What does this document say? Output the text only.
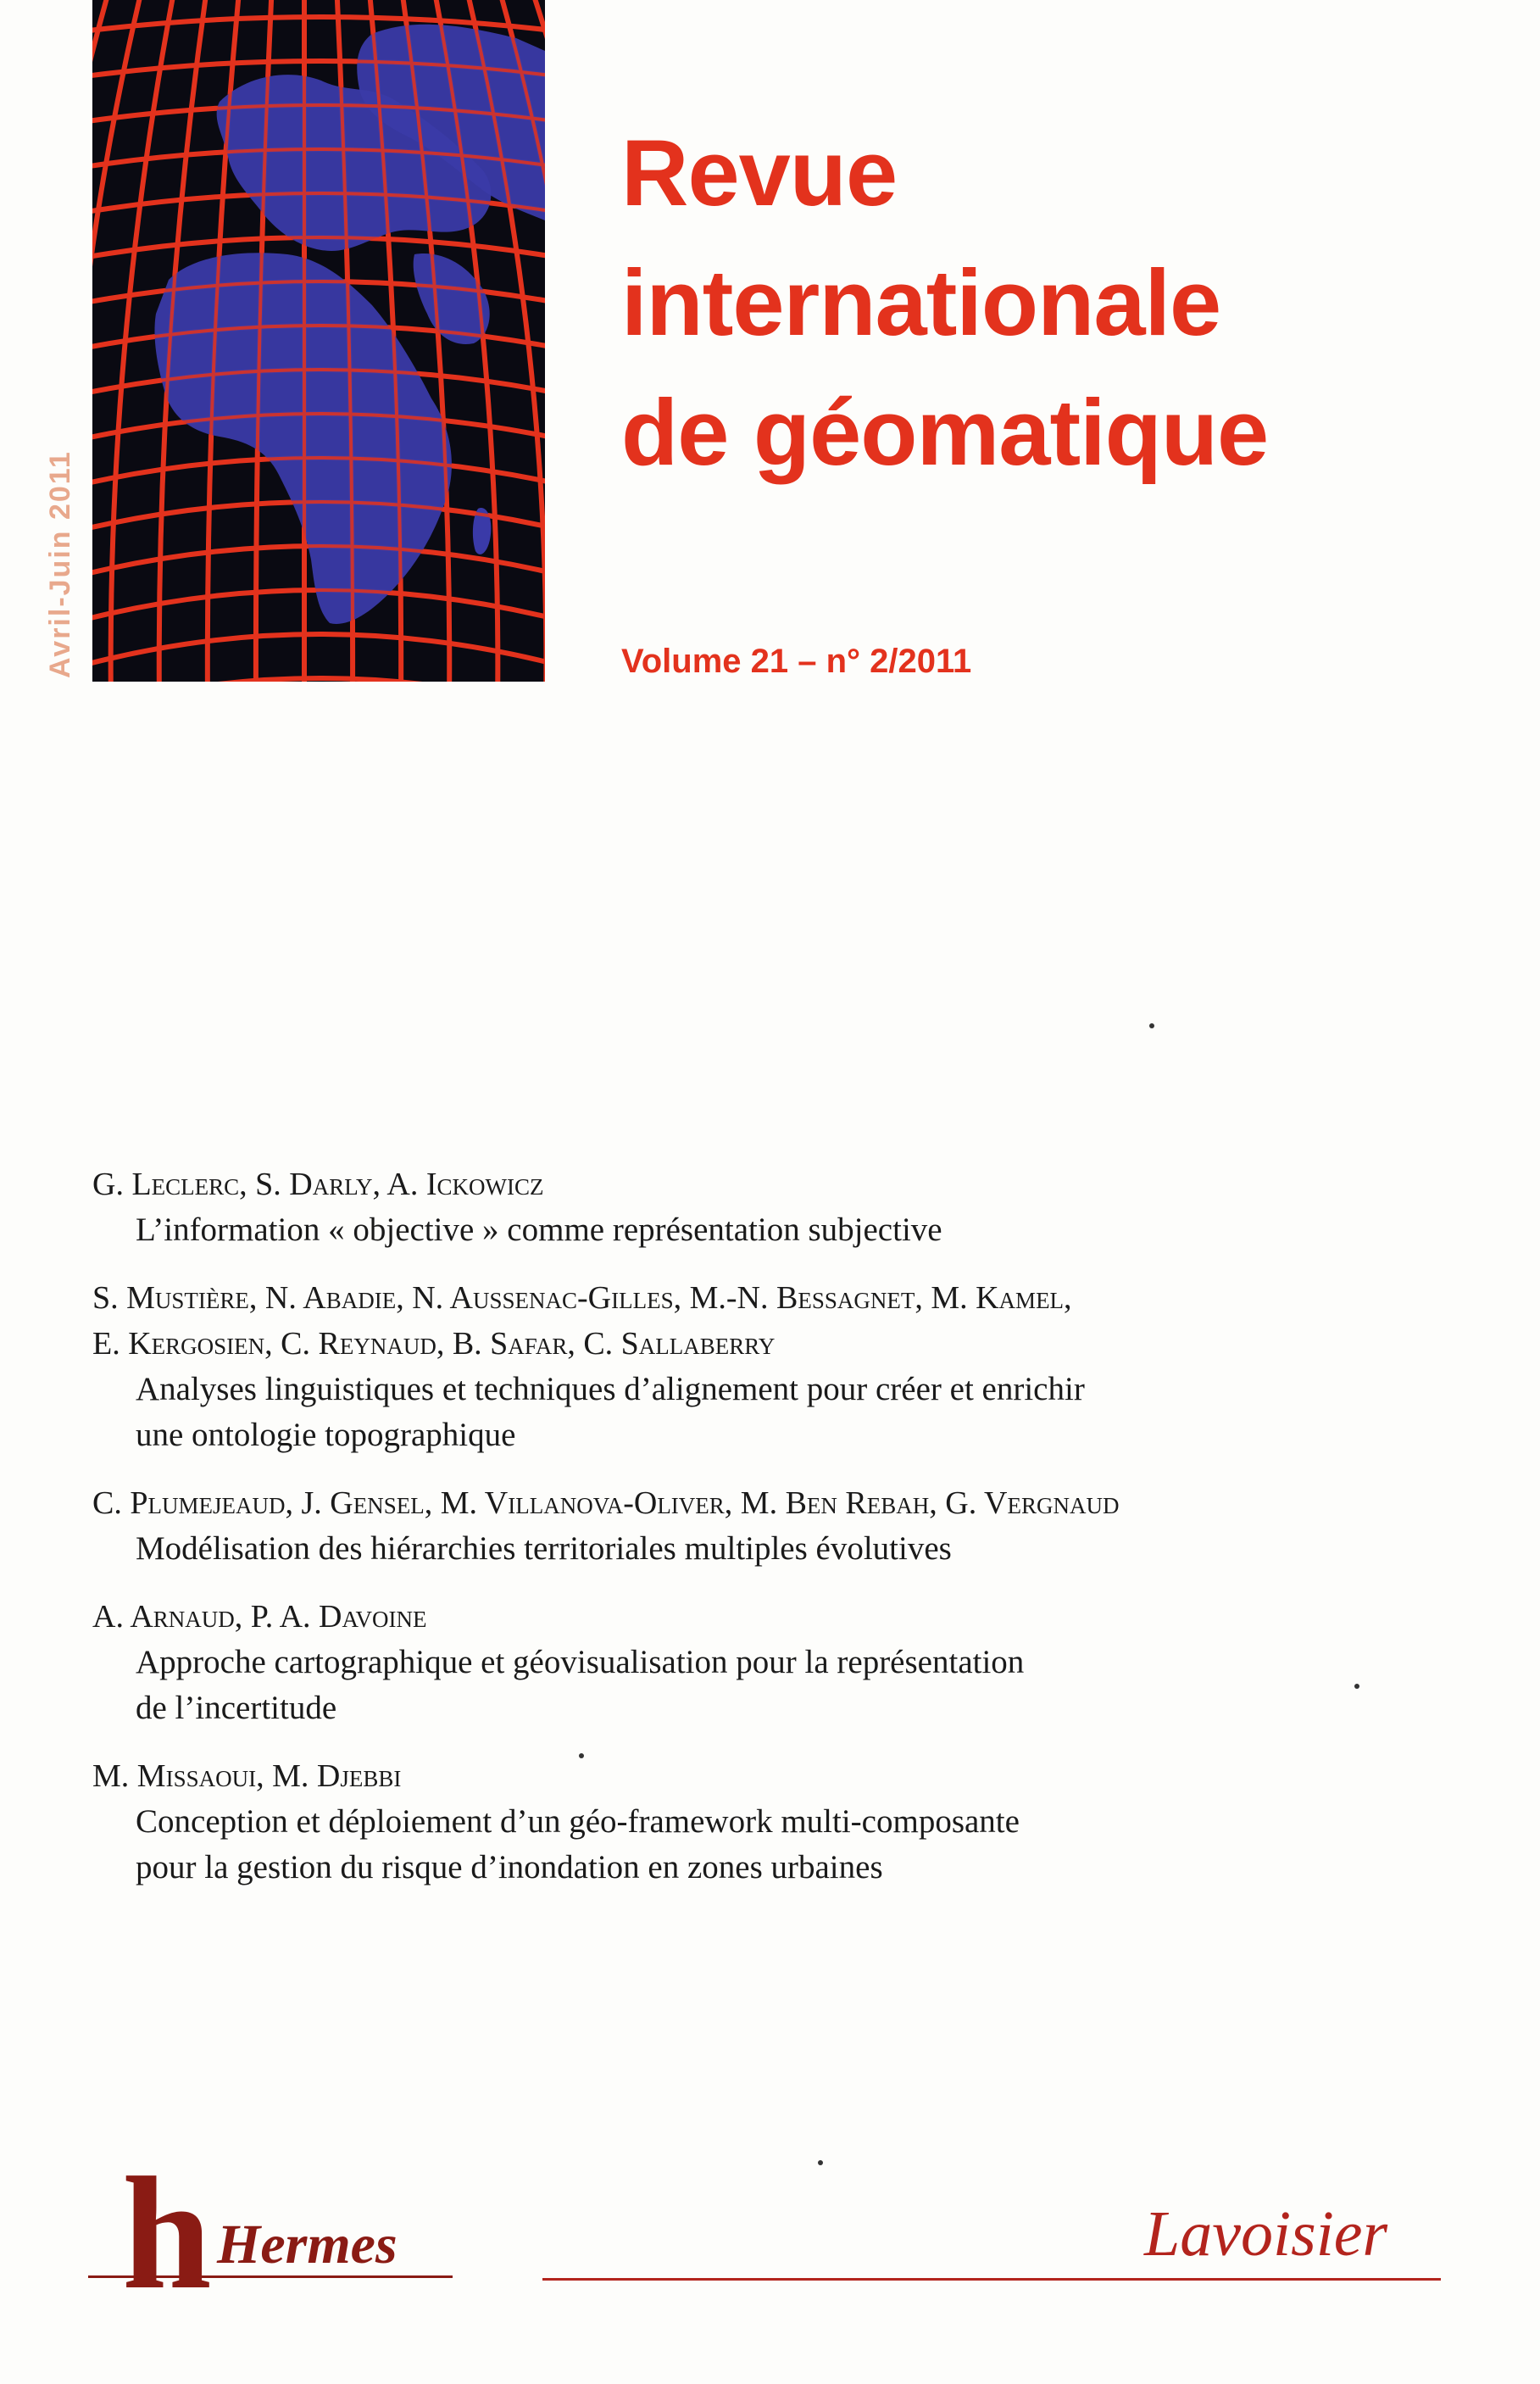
Avril-Juin 2011
Revue
internationale
de géomatique
Volume 21 – n° 2/2011
G. Leclerc, S. Darly, A. Ickowicz
L’information « objective » comme représentation subjective
S. Mustière, N. Abadie, N. Aussenac-Gilles, M.-N. Bessagnet, M. Kamel,
E. Kergosien, C. Reynaud, B. Safar, C. Sallaberry
Analyses linguistiques et techniques d’alignement pour créer et enrichir
une ontologie topographique
C. Plumejeaud, J. Gensel, M. Villanova-Oliver, M. Ben Rebah, G. Vergnaud
Modélisation des hiérarchies territoriales multiples évolutives
A. Arnaud, P. A. Davoine
Approche cartographique et géovisualisation pour la représentation
de l’incertitude
M. Missaoui, M. Djebbi
Conception et déploiement d’un géo-framework multi-composante
pour la gestion du risque d’inondation en zones urbaines
h Hermes	Lavoisier
